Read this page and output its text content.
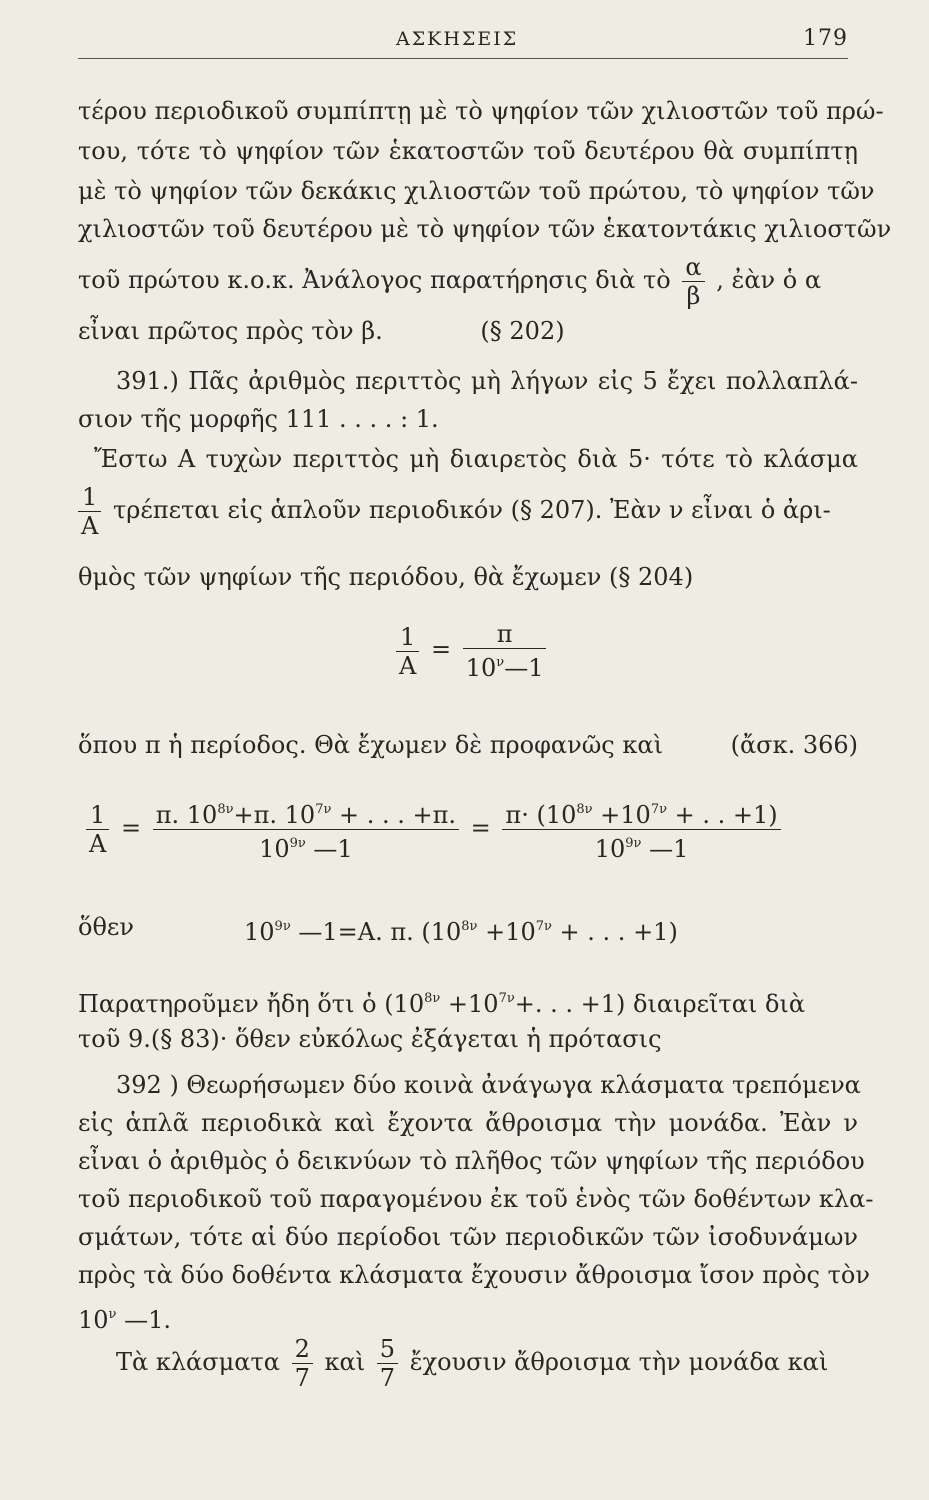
ΑΣΚΗΣΕΙΣ	179
τέρου περιοδικοῦ συμπίπτῃ μὲ τὸ ψηφίον τῶν χιλιοστῶν τοῦ πρώ-
του, τότε τὸ ψηφίον τῶν ἑκατοστῶν τοῦ δευτέρου θὰ συμπίπτῃ
μὲ τὸ ψηφίον τῶν δεκάκις χιλιοστῶν τοῦ πρώτου, τὸ ψηφίον τῶν
χιλιοστῶν τοῦ δευτέρου μὲ τὸ ψηφίον τῶν ἑκατοντάκις χιλιοστῶν
τοῦ πρώτου κ.ο.κ. Ἀνάλογος παρατήρησις διὰ τὸ $\frac{\alpha}{\beta}$ , ἐὰν ὁ α
εἶναι πρῶτος πρὸς τὸν β.	(§ 202)
391.) Πᾶς ἀριθμὸς περιττὸς μὴ λήγων εἰς 5 ἔχει πολλαπλά-
σιον τῆς μορφῆς 111 . . . . : 1.
Ἔστω Α τυχὼν περιττὸς μὴ διαιρετὸς διὰ 5· τότε τὸ κλάσμα
$\frac{1}{A}$ τρέπεται εἰς ἁπλοῦν περιοδικόν (§ 207). Ἐὰν ν εἶναι ὁ ἀρι-
θμὸς τῶν ψηφίων τῆς περιόδου, θὰ ἔχωμεν (§ 204)
$\frac{1}{A} = \frac{\pi}{10^\nu—1}$
ὅπου π ἡ περίοδος. Θὰ ἔχωμεν δὲ προφανῶς καὶ	(ἄσκ. 366)
$\frac{1}{A} = \frac{\pi. 10^{8\nu}+\pi. 10^{7\nu} + . . . +\pi.}{10^{9\nu} —1} = \frac{\pi\cdot (10^{8\nu} +10^{7\nu} + . . +1)}{10^{9\nu} —1}$
ὅθεν	$10^{9\nu}$ —1=Α. π. ($10^{8\nu} +10^{7\nu}$ + . . . +1)
Παρατηροῦμεν ἤδη ὅτι ὁ ($10^{8\nu} +10^{7\nu}+$. . . +1) διαιρεῖται διὰ
τοῦ 9.(§ 83)· ὅθεν εὐκόλως ἐξάγεται ἡ πρότασις
392 ) Θεωρήσωμεν δύο κοινὰ ἀνάγωγα κλάσματα τρεπόμενα
εἰς ἁπλᾶ περιοδικὰ καὶ ἔχοντα ἄθροισμα τὴν μονάδα. Ἐὰν ν
εἶναι ὁ ἀριθμὸς ὁ δεικνύων τὸ πλῆθος τῶν ψηφίων τῆς περιόδου
τοῦ περιοδικοῦ τοῦ παραγομένου ἐκ τοῦ ἑνὸς τῶν δοθέντων κλα-
σμάτων, τότε αἱ δύο περίοδοι τῶν περιοδικῶν τῶν ἰσοδυνάμων
πρὸς τὰ δύο δοθέντα κλάσματα ἔχουσιν ἄθροισμα ἴσον πρὸς τὸν
$10^\nu$ —1.
Τὰ κλάσματα $\frac{2}{7}$ καὶ $\frac{5}{7}$ ἔχουσιν ἄθροισμα τὴν μονάδα καὶ
